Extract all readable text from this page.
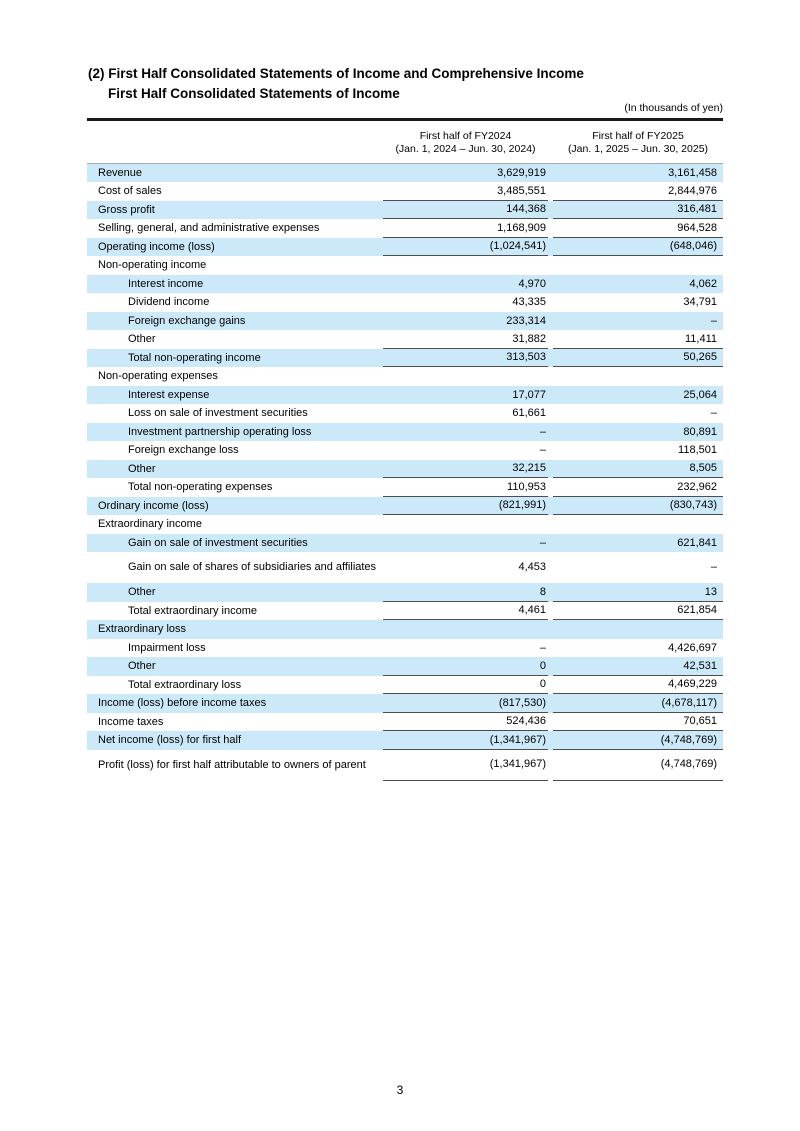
(2) First Half Consolidated Statements of Income and Comprehensive Income
First Half Consolidated Statements of Income
(In thousands of yen)
First half of FY2024
(Jan. 1, 2024 – Jun. 30, 2024)
First half of FY2025
(Jan. 1, 2025 – Jun. 30, 2025)
Revenue	3,629,919	3,161,458
Cost of sales	3,485,551	2,844,976
Gross profit	144,368	316,481
Selling, general, and administrative expenses	1,168,909	964,528
Operating income (loss)	(1,024,541)	(648,046)
Non-operating income
Interest income	4,970	4,062
Dividend income	43,335	34,791
Foreign exchange gains	233,314	–
Other	31,882	11,411
Total non-operating income	313,503	50,265
Non-operating expenses
Interest expense	17,077	25,064
Loss on sale of investment securities	61,661	–
Investment partnership operating loss	–	80,891
Foreign exchange loss	–	118,501
Other	32,215	8,505
Total non-operating expenses	110,953	232,962
Ordinary income (loss)	(821,991)	(830,743)
Extraordinary income
Gain on sale of investment securities	–	621,841
Gain on sale of shares of subsidiaries and affiliates	4,453	–
Other	8	13
Total extraordinary income	4,461	621,854
Extraordinary loss
Impairment loss	–	4,426,697
Other	0	42,531
Total extraordinary loss	0	4,469,229
Income (loss) before income taxes	(817,530)	(4,678,117)
Income taxes	524,436	70,651
Net income (loss) for first half	(1,341,967)	(4,748,769)
Profit (loss) for first half attributable to owners of parent	(1,341,967)	(4,748,769)
3
